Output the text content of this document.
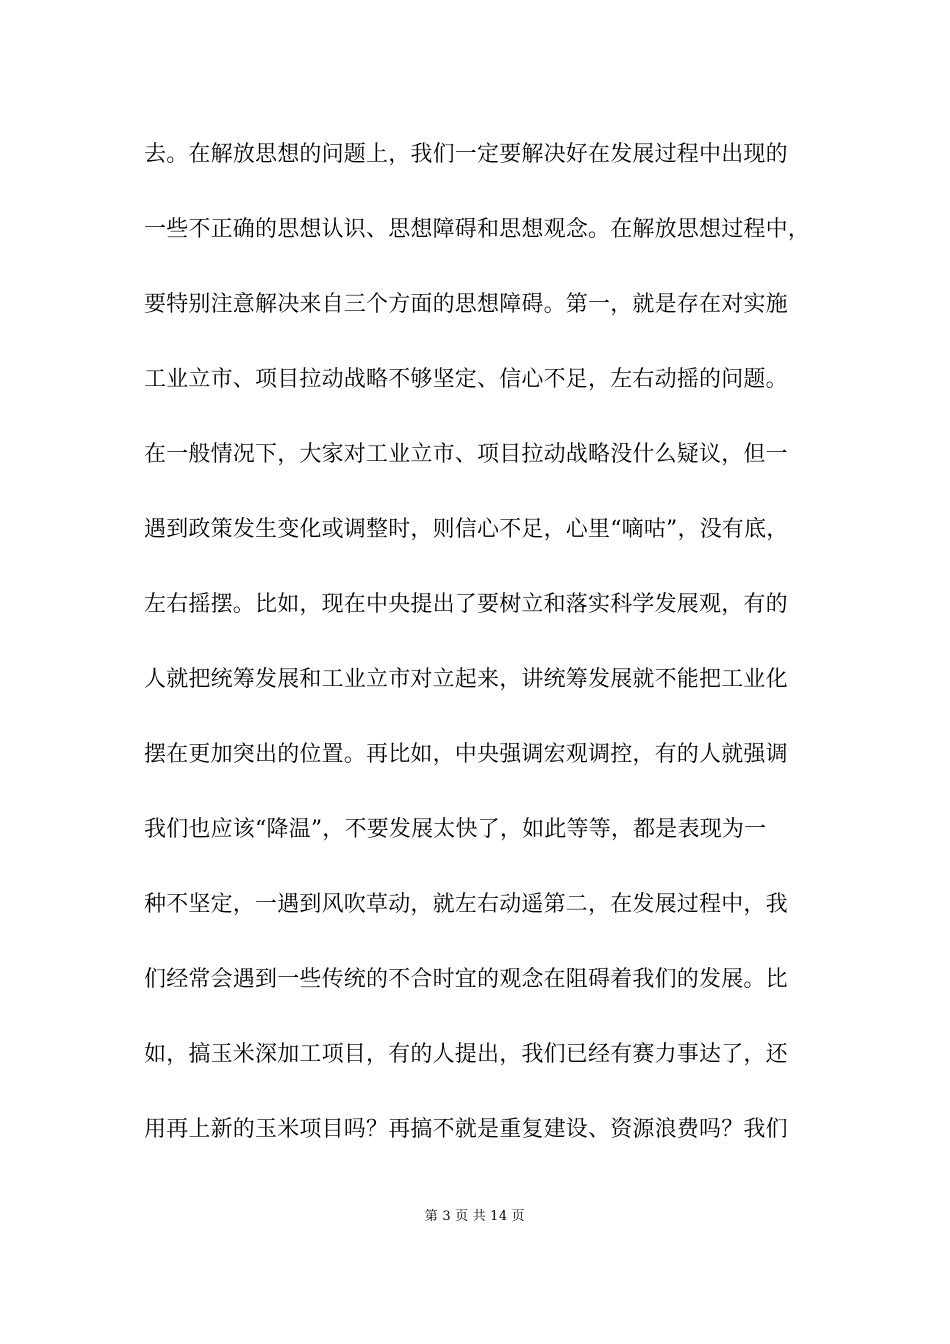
去。在解放思想的问题上，我们一定要解决好在发展过程中出现的
一些不正确的思想认识、思想障碍和思想观念。在解放思想过程中，
要特别注意解决来自三个方面的思想障碍。第一，就是存在对实施
工业立市、项目拉动战略不够坚定、信心不足，左右动摇的问题。
在一般情况下，大家对工业立市、项目拉动战略没什么疑议，但一
遇到政策发生变化或调整时，则信心不足，心里“嘀咕”，没有底，
左右摇摆。比如，现在中央提出了要树立和落实科学发展观，有的
人就把统筹发展和工业立市对立起来，讲统筹发展就不能把工业化
摆在更加突出的位置。再比如，中央强调宏观调控，有的人就强调
我们也应该“降温”，不要发展太快了，如此等等，都是表现为一
种不坚定，一遇到风吹草动，就左右动遥第二，在发展过程中，我
们经常会遇到一些传统的不合时宜的观念在阻碍着我们的发展。比
如，搞玉米深加工项目，有的人提出，我们已经有赛力事达了，还
用再上新的玉米项目吗？再搞不就是重复建设、资源浪费吗？我们
第 3 页 共 14 页
